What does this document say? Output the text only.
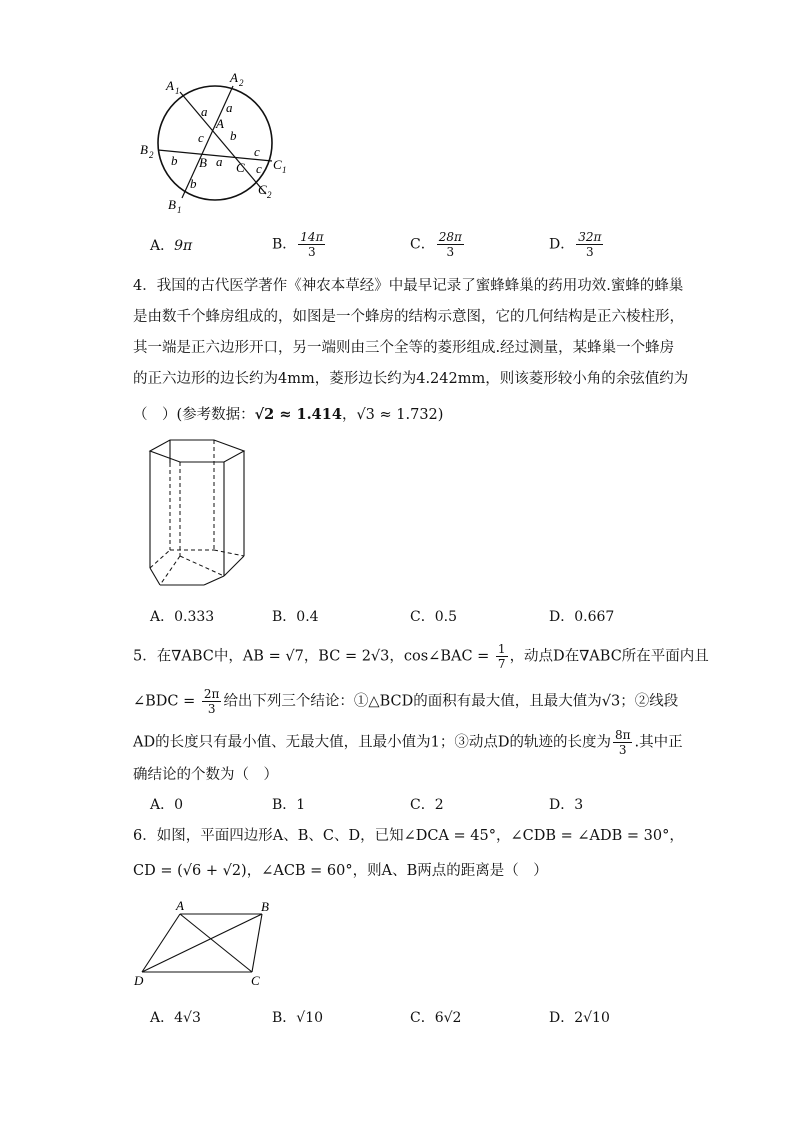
A 1
A 2
B 2
B 1
C 1
C 2
A
B C
a a
c b
b	a
c
c
b
A．9π	B． $\frac{14\pi}{3}$	C． $\frac{28\pi}{3}$	D． $\frac{32\pi}{3}$
4．我国的古代医学著作《神农本草经》中最早记录了蜜蜂蜂巢的药用功效.蜜蜂的蜂巢
是由数千个蜂房组成的，如图是一个蜂房的结构示意图，它的几何结构是正六棱柱形，
其一端是正六边形开口，另一端则由三个全等的菱形组成.经过测量，某蜂巢一个蜂房
的正六边形的边长约为4mm，菱形边长约为4.242mm，则该菱形较小角的余弦值约为
（　）(参考数据：√2 ≈ 1.414，√3 ≈ 1.732)
A．0.333	B．0.4	C．0.5	D．0.667
5．在∇ABC中，AB = √7，BC = 2√3，cos∠BAC = $\frac{1}{7}$ ，动点D在∇ABC所在平面内且
∠BDC = $\frac{2\pi}{3}$ 给出下列三个结论：①△BCD的面积有最大值，且最大值为√3；②线段
AD的长度只有最小值、无最大值，且最小值为1；③动点D的轨迹的长度为 $\frac{8\pi}{3}$ .其中正
确结论的个数为（　）
A．0	B．1	C．2	D．3
6．如图，平面四边形A、B、C、D，已知∠DCA = 45°，∠CDB = ∠ADB = 30°，
CD = (√6 + √2)，∠ACB = 60°，则A、B两点的距离是（　）
A	B
C
D
A．4√3	B．√10	C．6√2	D．2√10
